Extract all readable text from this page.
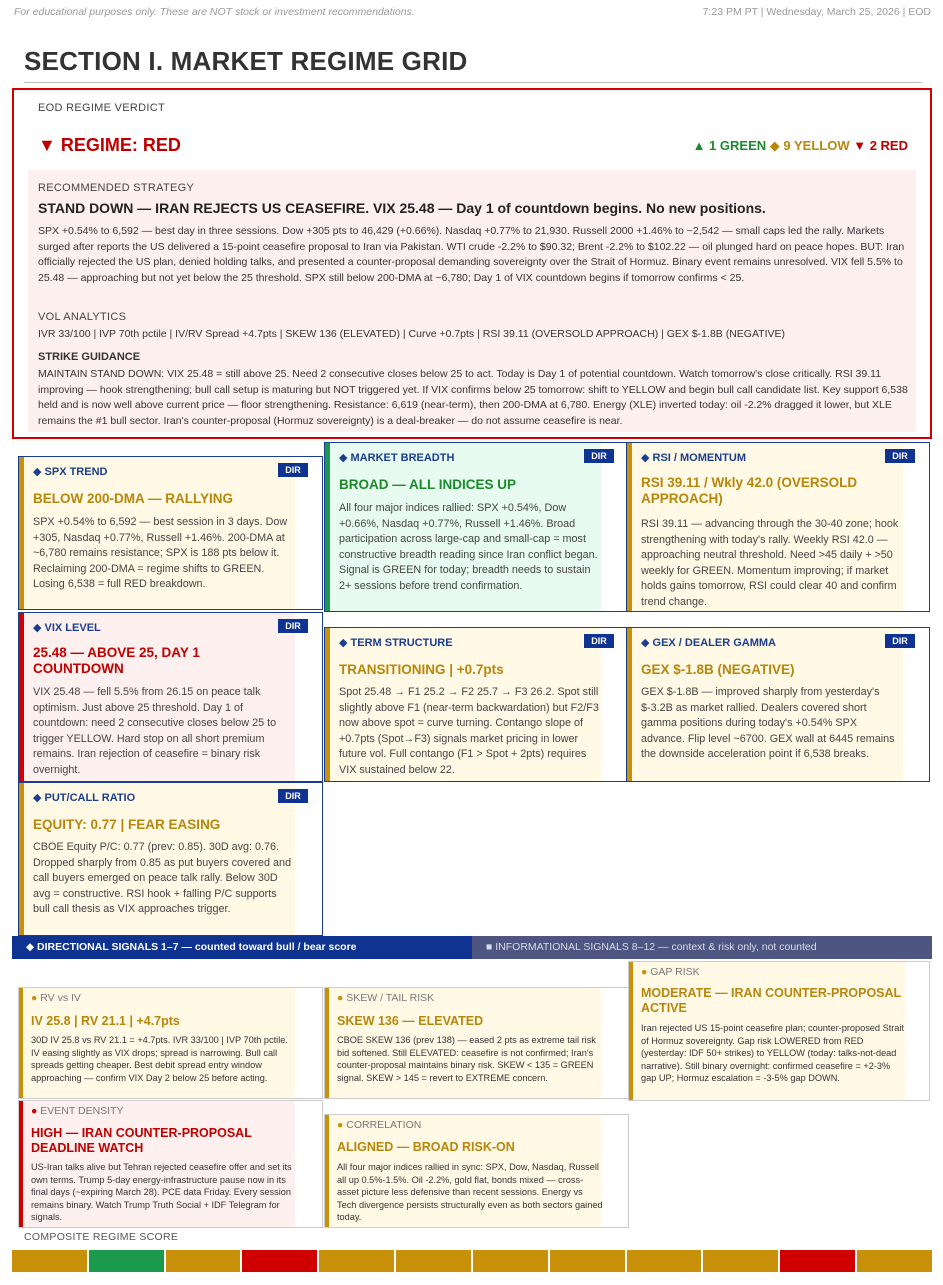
For educational purposes only. These are NOT stock or investment recommendations.	7:23 PM PT | Wednesday, March 25, 2026 | EOD
SECTION I. MARKET REGIME GRID
EOD REGIME VERDICT
▼ REGIME: RED	▲ 1 GREEN ◆ 9 YELLOW ▼ 2 RED
RECOMMENDED STRATEGY
STAND DOWN — IRAN REJECTS US CEASEFIRE. VIX 25.48 — Day 1 of countdown begins. No new positions.
SPX +0.54% to 6,592 — best day in three sessions. Dow +305 pts to 46,429 (+0.66%). Nasdaq +0.77% to 21,930. Russell 2000 +1.46% to ~2,542 — small caps led the rally. Markets surged after reports the US delivered a 15-point ceasefire proposal to Iran via Pakistan. WTI crude -2.2% to $90.32; Brent -2.2% to $102.22 — oil plunged hard on peace hopes. BUT: Iran officially rejected the US plan, denied holding talks, and presented a counter-proposal demanding sovereignty over the Strait of Hormuz. Binary event remains unresolved. VIX fell 5.5% to 25.48 — approaching but not yet below the 25 threshold. SPX still below 200-DMA at ~6,780; Day 1 of VIX countdown begins if tomorrow confirms < 25.
VOL ANALYTICS
IVR 33/100 | IVP 70th pctile | IV/RV Spread +4.7pts | SKEW 136 (ELEVATED) | Curve +0.7pts | RSI 39.11 (OVERSOLD APPROACH) | GEX $-1.8B (NEGATIVE)
STRIKE GUIDANCE
MAINTAIN STAND DOWN: VIX 25.48 = still above 25. Need 2 consecutive closes below 25 to act. Today is Day 1 of potential countdown. Watch tomorrow's close critically. RSI 39.11 improving — hook strengthening; bull call setup is maturing but NOT triggered yet. If VIX confirms below 25 tomorrow: shift to YELLOW and begin bull call candidate list. Key support 6,538 held and is now well above current price — floor strengthening. Resistance: 6,619 (near-term), then 200-DMA at 6,780. Energy (XLE) inverted today: oil -2.2% dragged it lower, but XLE remains the #1 bull sector. Iran's counter-proposal (Hormuz sovereignty) is a deal-breaker — do not assume ceasefire is near.
◆ SPX TREND	DIR
BELOW 200-DMA — RALLYING
SPX +0.54% to 6,592 — best session in 3 days. Dow +305, Nasdaq +0.77%, Russell +1.46%. 200-DMA at ~6,780 remains resistance; SPX is 188 pts below it. Reclaiming 200-DMA = regime shifts to GREEN. Losing 6,538 = full RED breakdown.
◆ MARKET BREADTH	DIR
BROAD — ALL INDICES UP
All four major indices rallied: SPX +0.54%, Dow +0.66%, Nasdaq +0.77%, Russell +1.46%. Broad participation across large-cap and small-cap = most constructive breadth reading since Iran conflict began. Signal is GREEN for today; breadth needs to sustain 2+ sessions before trend confirmation.
◆ RSI / MOMENTUM	DIR
RSI 39.11 / Wkly 42.0 (OVERSOLD APPROACH)
RSI 39.11 — advancing through the 30-40 zone; hook strengthening with today's rally. Weekly RSI 42.0 — approaching neutral threshold. Need >45 daily + >50 weekly for GREEN. Momentum improving; if market holds gains tomorrow, RSI could clear 40 and confirm trend change.
◆ VIX LEVEL	DIR
25.48 — ABOVE 25, DAY 1 COUNTDOWN
VIX 25.48 — fell 5.5% from 26.15 on peace talk optimism. Just above 25 threshold. Day 1 of countdown: need 2 consecutive closes below 25 to trigger YELLOW. Hard stop on all short premium remains. Iran rejection of ceasefire = binary risk overnight.
◆ TERM STRUCTURE	DIR
TRANSITIONING | +0.7pts
Spot 25.48 → F1 25.2 → F2 25.7 → F3 26.2. Spot still slightly above F1 (near-term backwardation) but F2/F3 now above spot = curve turning. Contango slope of +0.7pts (Spot→F3) signals market pricing in lower future vol. Full contango (F1 > Spot + 2pts) requires VIX sustained below 22.
◆ GEX / DEALER GAMMA	DIR
GEX $-1.8B (NEGATIVE)
GEX $-1.8B — improved sharply from yesterday's $-3.2B as market rallied. Dealers covered short gamma positions during today's +0.54% SPX advance. Flip level ~6700. GEX wall at 6445 remains the downside acceleration point if 6,538 breaks.
◆ PUT/CALL RATIO	DIR
EQUITY: 0.77 | FEAR EASING
CBOE Equity P/C: 0.77 (prev: 0.85). 30D avg: 0.76. Dropped sharply from 0.85 as put buyers covered and call buyers emerged on peace talk rally. Below 30D avg = constructive. RSI hook + falling P/C supports bull call thesis as VIX approaches trigger.
◆ DIRECTIONAL SIGNALS 1–7 — counted toward bull / bear score	■ INFORMATIONAL SIGNALS 8–12 — context & risk only, not counted
● RV vs IV
IV 25.8 | RV 21.1 | +4.7pts
30D IV 25.8 vs RV 21.1 = +4.7pts. IVR 33/100 | IVP 70th pctile. IV easing slightly as VIX drops; spread is narrowing. Bull call spreads getting cheaper. Best debit spread entry window approaching — confirm VIX Day 2 below 25 before acting.
● SKEW / TAIL RISK
SKEW 136 — ELEVATED
CBOE SKEW 136 (prev 138) — eased 2 pts as extreme tail risk bid softened. Still ELEVATED: ceasefire is not confirmed; Iran's counter-proposal maintains binary risk. SKEW < 135 = GREEN signal. SKEW > 145 = revert to EXTREME concern.
● GAP RISK
MODERATE — IRAN COUNTER-PROPOSAL ACTIVE
Iran rejected US 15-point ceasefire plan; counter-proposed Strait of Hormuz sovereignty. Gap risk LOWERED from RED (yesterday: IDF 50+ strikes) to YELLOW (today: talks-not-dead narrative). Still binary overnight: confirmed ceasefire = +2-3% gap UP; Hormuz escalation = -3-5% gap DOWN.
● EVENT DENSITY
HIGH — IRAN COUNTER-PROPOSAL DEADLINE WATCH
US-Iran talks alive but Tehran rejected ceasefire offer and set its own terms. Trump 5-day energy-infrastructure pause now in its final days (~expiring March 28). PCE data Friday. Every session remains binary. Watch Trump Truth Social + IDF Telegram for signals.
● CORRELATION
ALIGNED — BROAD RISK-ON
All four major indices rallied in sync: SPX, Dow, Nasdaq, Russell all up 0.5%-1.5%. Oil -2.2%, gold flat, bonds mixed — cross-asset picture less defensive than recent sessions. Energy vs Tech divergence persists structurally even as both sectors gained today.
COMPOSITE REGIME SCORE
